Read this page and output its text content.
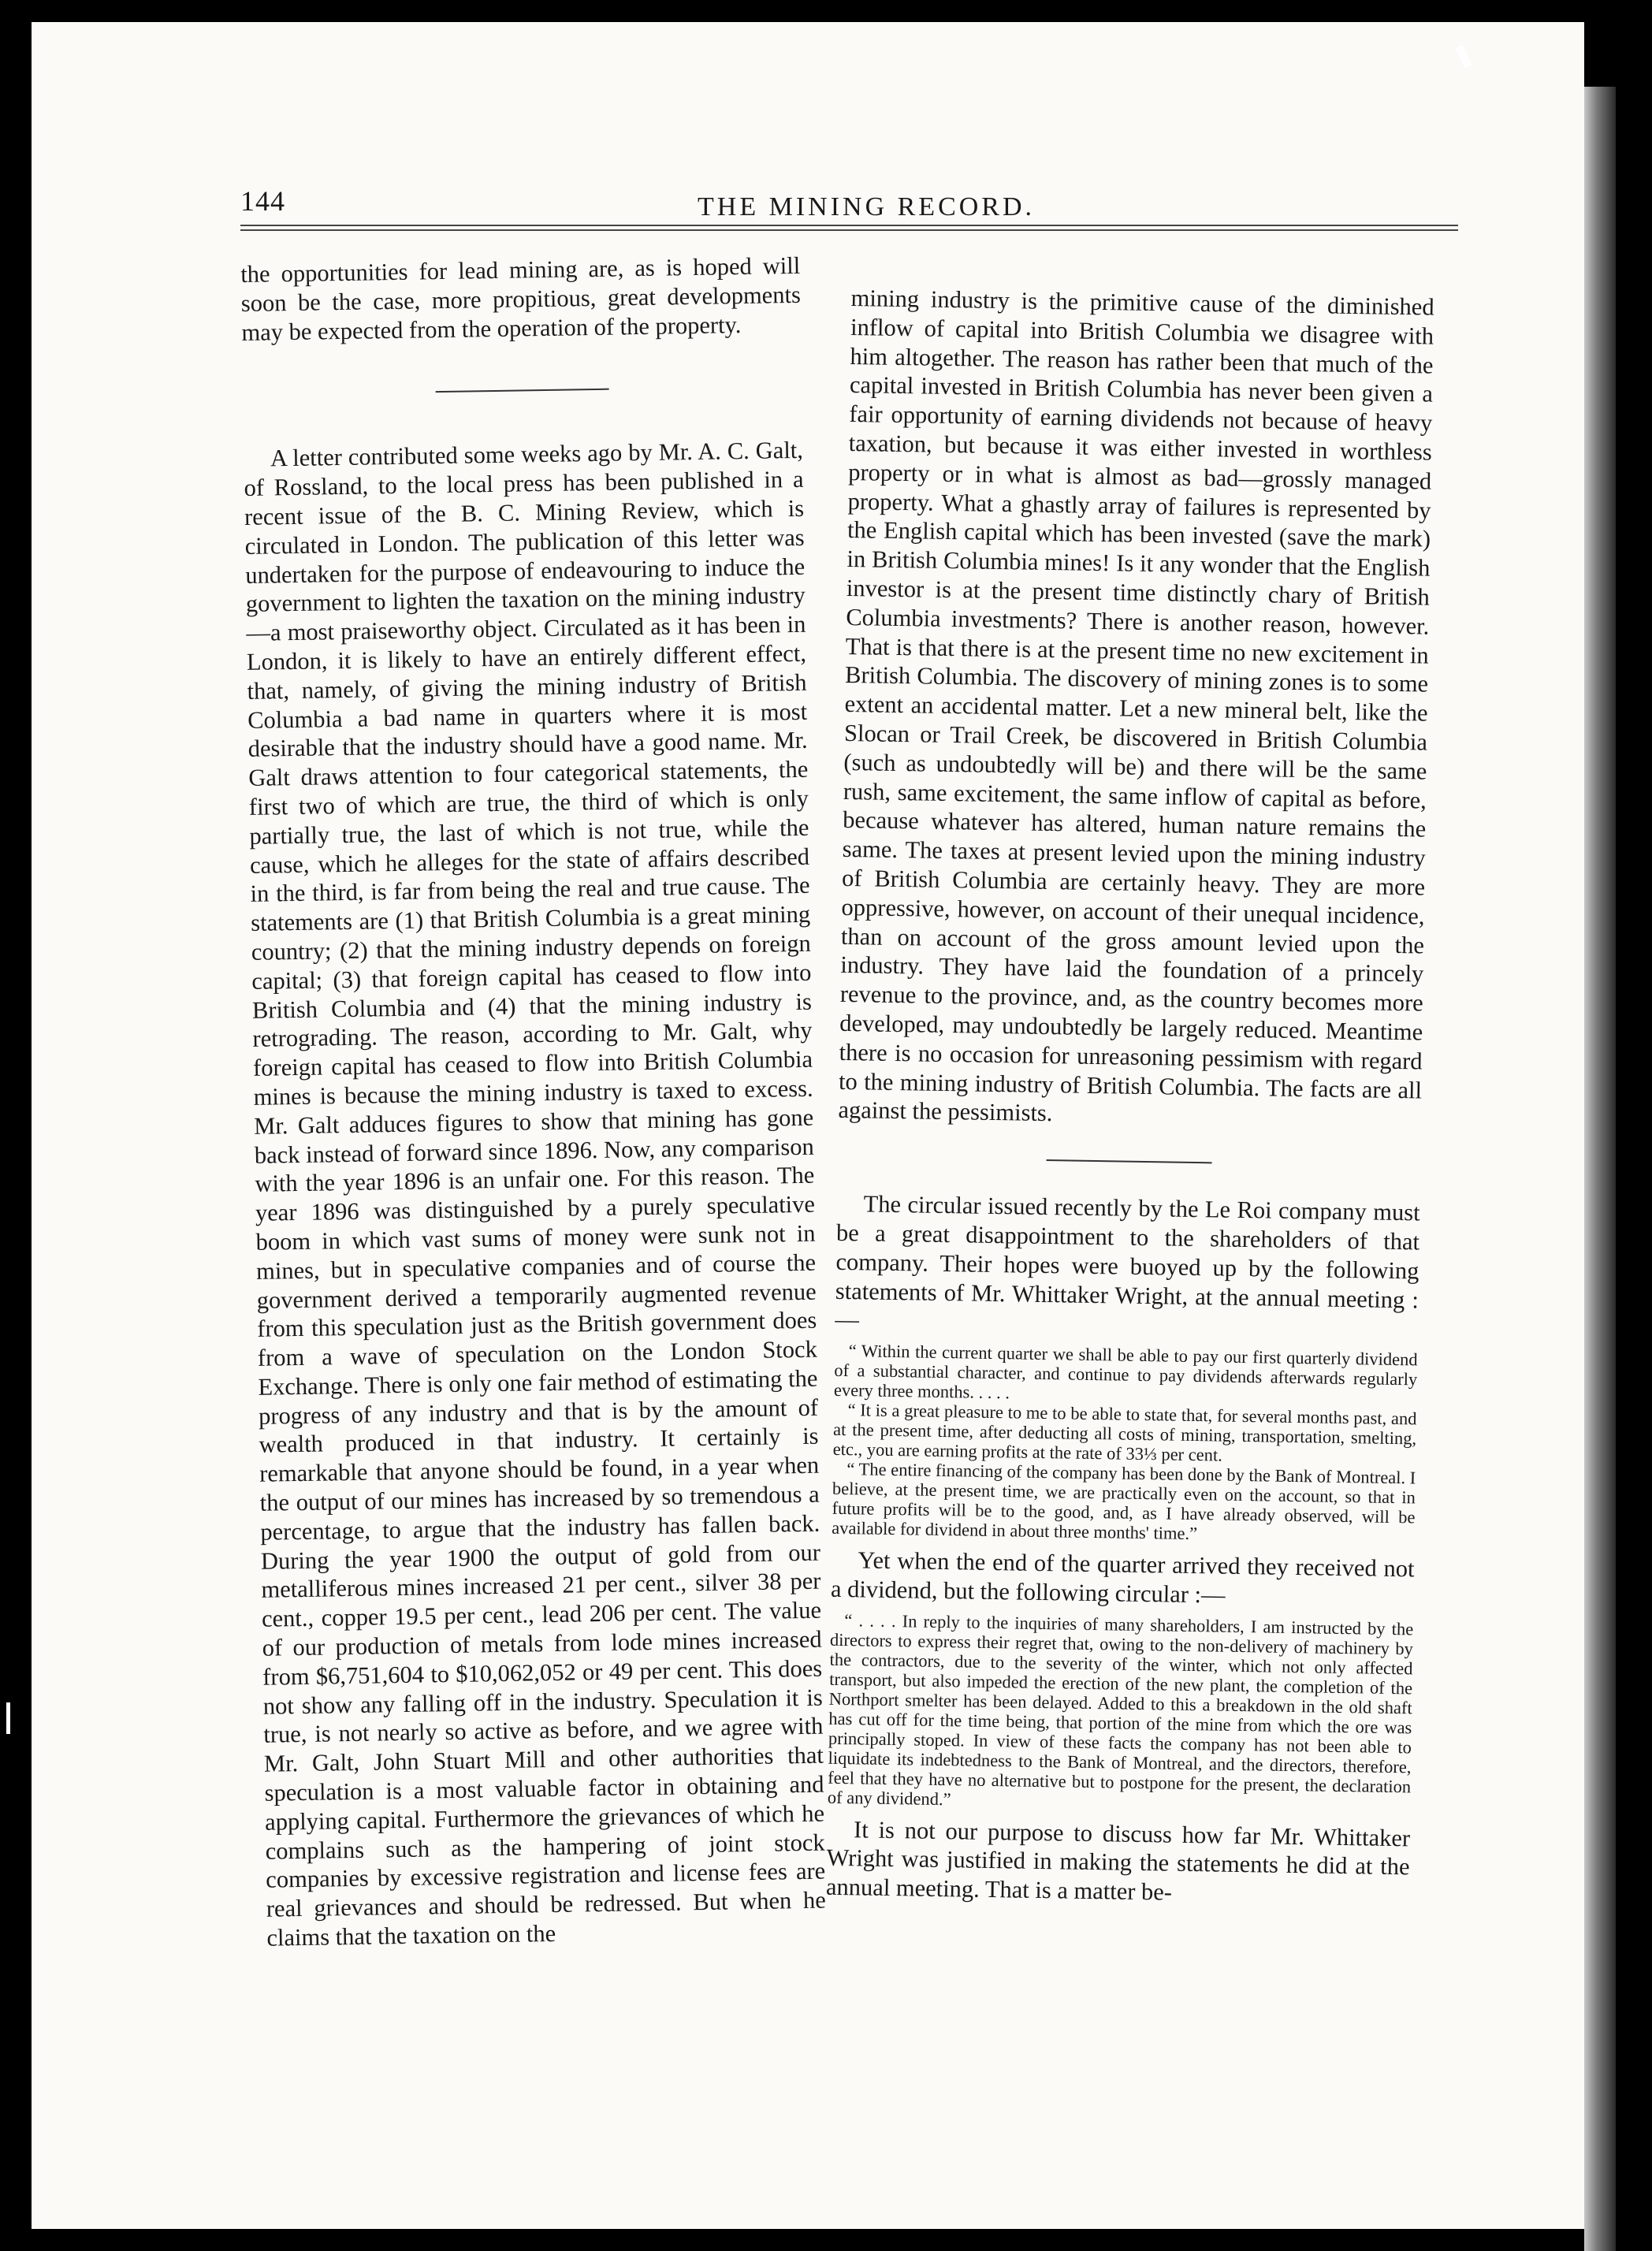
144	THE MINING RECORD.

the opportunities for lead mining are, as is hoped will soon be the case, more propitious, great developments may be expected from the operation of the property.

A letter contributed some weeks ago by Mr. A. C. Galt, of Rossland, to the local press has been published in a recent issue of the B. C. Mining Review, which is circulated in London. The publication of this letter was undertaken for the purpose of endeavouring to induce the government to lighten the taxation on the mining industry—a most praiseworthy object. Circulated as it has been in London, it is likely to have an entirely different effect, that, namely, of giving the mining industry of British Columbia a bad name in quarters where it is most desirable that the industry should have a good name. Mr. Galt draws attention to four categorical statements, the first two of which are true, the third of which is only partially true, the last of which is not true, while the cause, which he alleges for the state of affairs described in the third, is far from being the real and true cause. The statements are (1) that British Columbia is a great mining country; (2) that the mining industry depends on foreign capital; (3) that foreign capital has ceased to flow into British Columbia and (4) that the mining industry is retrograding. The reason, according to Mr. Galt, why foreign capital has ceased to flow into British Columbia mines is because the mining industry is taxed to excess. Mr. Galt adduces figures to show that mining has gone back instead of forward since 1896. Now, any comparison with the year 1896 is an unfair one. For this reason. The year 1896 was distinguished by a purely speculative boom in which vast sums of money were sunk not in mines, but in speculative companies and of course the government derived a temporarily augmented revenue from this speculation just as the British government does from a wave of speculation on the London Stock Exchange. There is only one fair method of estimating the progress of any industry and that is by the amount of wealth produced in that industry. It certainly is remarkable that anyone should be found, in a year when the output of our mines has increased by so tremendous a percentage, to argue that the industry has fallen back. During the year 1900 the output of gold from our metalliferous mines increased 21 per cent., silver 38 per cent., copper 19.5 per cent., lead 206 per cent. The value of our production of metals from lode mines increased from $6,751,604 to $10,062,052 or 49 per cent. This does not show any falling off in the industry. Speculation it is true, is not nearly so active as before, and we agree with Mr. Galt, John Stuart Mill and other authorities that speculation is a most valuable factor in obtaining and applying capital. Furthermore the grievances of which he complains such as the hampering of joint stock companies by excessive registration and license fees are real grievances and should be redressed. But when he claims that the taxation on the

mining industry is the primitive cause of the diminished inflow of capital into British Columbia we disagree with him altogether. The reason has rather been that much of the capital invested in British Columbia has never been given a fair opportunity of earning dividends not because of heavy taxation, but because it was either invested in worthless property or in what is almost as bad—grossly managed property. What a ghastly array of failures is represented by the English capital which has been invested (save the mark) in British Columbia mines! Is it any wonder that the English investor is at the present time distinctly chary of British Columbia investments? There is another reason, however. That is that there is at the present time no new excitement in British Columbia. The discovery of mining zones is to some extent an accidental matter. Let a new mineral belt, like the Slocan or Trail Creek, be discovered in British Columbia (such as undoubtedly will be) and there will be the same rush, same excitement, the same inflow of capital as before, because whatever has altered, human nature remains the same. The taxes at present levied upon the mining industry of British Columbia are certainly heavy. They are more oppressive, however, on account of their unequal incidence, than on account of the gross amount levied upon the industry. They have laid the foundation of a princely revenue to the province, and, as the country becomes more developed, may undoubtedly be largely reduced. Meantime there is no occasion for unreasoning pessimism with regard to the mining industry of British Columbia. The facts are all against the pessimists.

The circular issued recently by the Le Roi company must be a great disappointment to the shareholders of that company. Their hopes were buoyed up by the following statements of Mr. Whittaker Wright, at the annual meeting :—

“ Within the current quarter we shall be able to pay our first quarterly dividend of a substantial character, and continue to pay dividends afterwards regularly every three months. . . . .

“ It is a great pleasure to me to be able to state that, for several months past, and at the present time, after deducting all costs of mining, transportation, smelting, etc., you are earning profits at the rate of 33⅓ per cent.

“ The entire financing of the company has been done by the Bank of Montreal. I believe, at the present time, we are practically even on the account, so that in future profits will be to the good, and, as I have already observed, will be available for dividend in about three months' time.”

Yet when the end of the quarter arrived they received not a dividend, but the following circular :—

“ . . . . In reply to the inquiries of many shareholders, I am instructed by the directors to express their regret that, owing to the non-delivery of machinery by the contractors, due to the severity of the winter, which not only affected transport, but also impeded the erection of the new plant, the completion of the Northport smelter has been delayed. Added to this a breakdown in the old shaft has cut off for the time being, that portion of the mine from which the ore was principally stoped. In view of these facts the company has not been able to liquidate its indebtedness to the Bank of Montreal, and the directors, therefore, feel that they have no alternative but to postpone for the present, the declaration of any dividend.”

It is not our purpose to discuss how far Mr. Whittaker Wright was justified in making the statements he did at the annual meeting. That is a matter be-
